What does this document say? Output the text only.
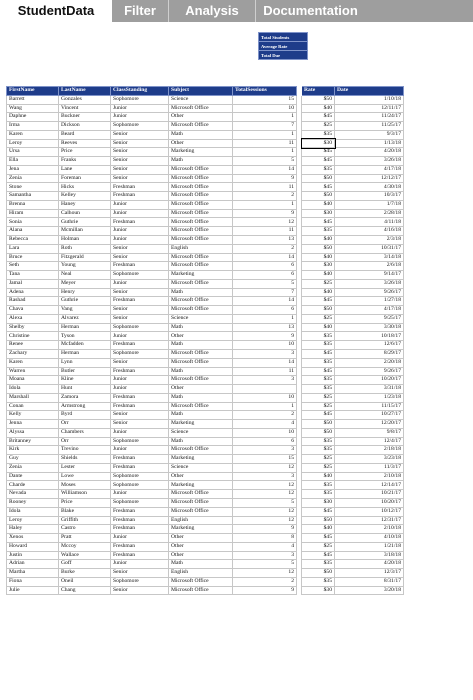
StudentData	Filter	Analysis	Documentation
Total Students
Average Rate
Total Due
FirstName	LastName	ClassStanding	Subject	TotalSessions		Rate	Date
Barrett	Gonzales	Sophomore	Science	15		$50	1/10/18
Wang	Vincent	Junior	Microsoft Office	10		$40	12/11/17
Daphne	Buckner	Junior	Other	1		$45	11/24/17
Irma	Dickson	Sophomore	Microsoft Office	7		$25	11/25/17
Karen	Beard	Senior	Math	1		$35	9/3/17
Leroy	Reeves	Senior	Other	11		$30	1/13/18
Ursa	Price	Senior	Marketing	1		$45	4/20/18
Ella	Franks	Senior	Math	5		$45	3/26/18
Jena	Lane	Senior	Microsoft Office	14		$35	4/17/18
Zenia	Foreman	Senior	Microsoft Office	9		$50	12/12/17
Stone	Hicks	Freshman	Microsoft Office	11		$45	4/30/18
Samantha	Kelley	Freshman	Microsoft Office	2		$50	10/3/17
Brenna	Haney	Junior	Microsoft Office	1		$40	1/7/18
Hiram	Calhoun	Junior	Microsoft Office	9		$30	2/28/18
Sonia	Guthrie	Freshman	Microsoft Office	12		$45	4/11/18
Alana	Mcmillan	Junior	Microsoft Office	11		$35	4/16/18
Rebecca	Holman	Junior	Microsoft Office	13		$40	2/3/18
Lara	Roth	Senior	English	2		$50	10/31/17
Bruce	Fitzgerald	Senior	Microsoft Office	14		$40	3/14/18
Seth	Young	Freshman	Microsoft Office	6		$30	2/6/18
Tana	Neal	Sophomore	Marketing	6		$40	9/14/17
Jamal	Meyer	Junior	Microsoft Office	5		$25	3/26/18
Adena	Henry	Senior	Math	7		$40	9/26/17
Rashad	Guthrie	Freshman	Microsoft Office	14		$45	1/27/18
Chava	Vang	Senior	Microsoft Office	6		$50	4/17/18
Alexa	Alvarez	Senior	Science	1		$25	9/25/17
Shelby	Herman	Sophomore	Math	13		$40	3/30/18
Christine	Tyson	Junior	Other	9		$35	10/18/17
Renee	Mcfadden	Freshman	Math	10		$35	12/6/17
Zachary	Herman	Sophomore	Microsoft Office	3		$45	8/29/17
Karen	Lynn	Senior	Microsoft Office	14		$35	2/20/18
Warren	Butler	Freshman	Math	11		$45	9/26/17
Moana	Kline	Junior	Microsoft Office	3		$35	10/20/17
Idola	Hunt	Junior	Other			$35	3/31/18
Marshall	Zamora	Freshman	Math	10		$25	1/23/18
Conan	Armstrong	Freshman	Microsoft Office	1		$25	11/15/17
Kelly	Byrd	Senior	Math	2		$45	10/27/17
Jenna	Orr	Senior	Marketing	4		$50	12/20/17
Alyssa	Chambers	Junior	Science	10		$50	9/8/17
Britanney	Orr	Sophomore	Math	6		$35	12/4/17
Kirk	Trevino	Junior	Microsoft Office	3		$35	2/18/18
Guy	Shields	Freshman	Marketing	15		$25	3/23/18
Zenia	Lester	Freshman	Science	12		$25	11/3/17
Dante	Lowe	Sophomore	Other	3		$40	2/10/18
Charde	Moses	Sophomore	Marketing	12		$35	12/14/17
Nevada	Williamson	Junior	Microsoft Office	12		$35	10/21/17
Rooney	Price	Sophomore	Microsoft Office	5		$30	10/20/17
Idola	Blake	Freshman	Microsoft Office	12		$45	10/12/17
Leroy	Griffith	Freshman	English	12		$50	12/31/17
Haley	Castro	Freshman	Marketing	9		$40	2/10/18
Xenos	Pratt	Junior	Other	8		$45	4/10/18
Howard	Mccoy	Freshman	Other	4		$25	1/21/18
Justin	Wallace	Freshman	Other	3		$45	3/18/18
Adrian	Goff	Junior	Math	5		$35	4/20/18
Martha	Burke	Senior	English	12		$50	12/3/17
Fiona	Oneil	Sophomore	Microsoft Office	2		$35	8/31/17
Julie	Chang	Senior	Microsoft Office	9		$30	3/20/18
